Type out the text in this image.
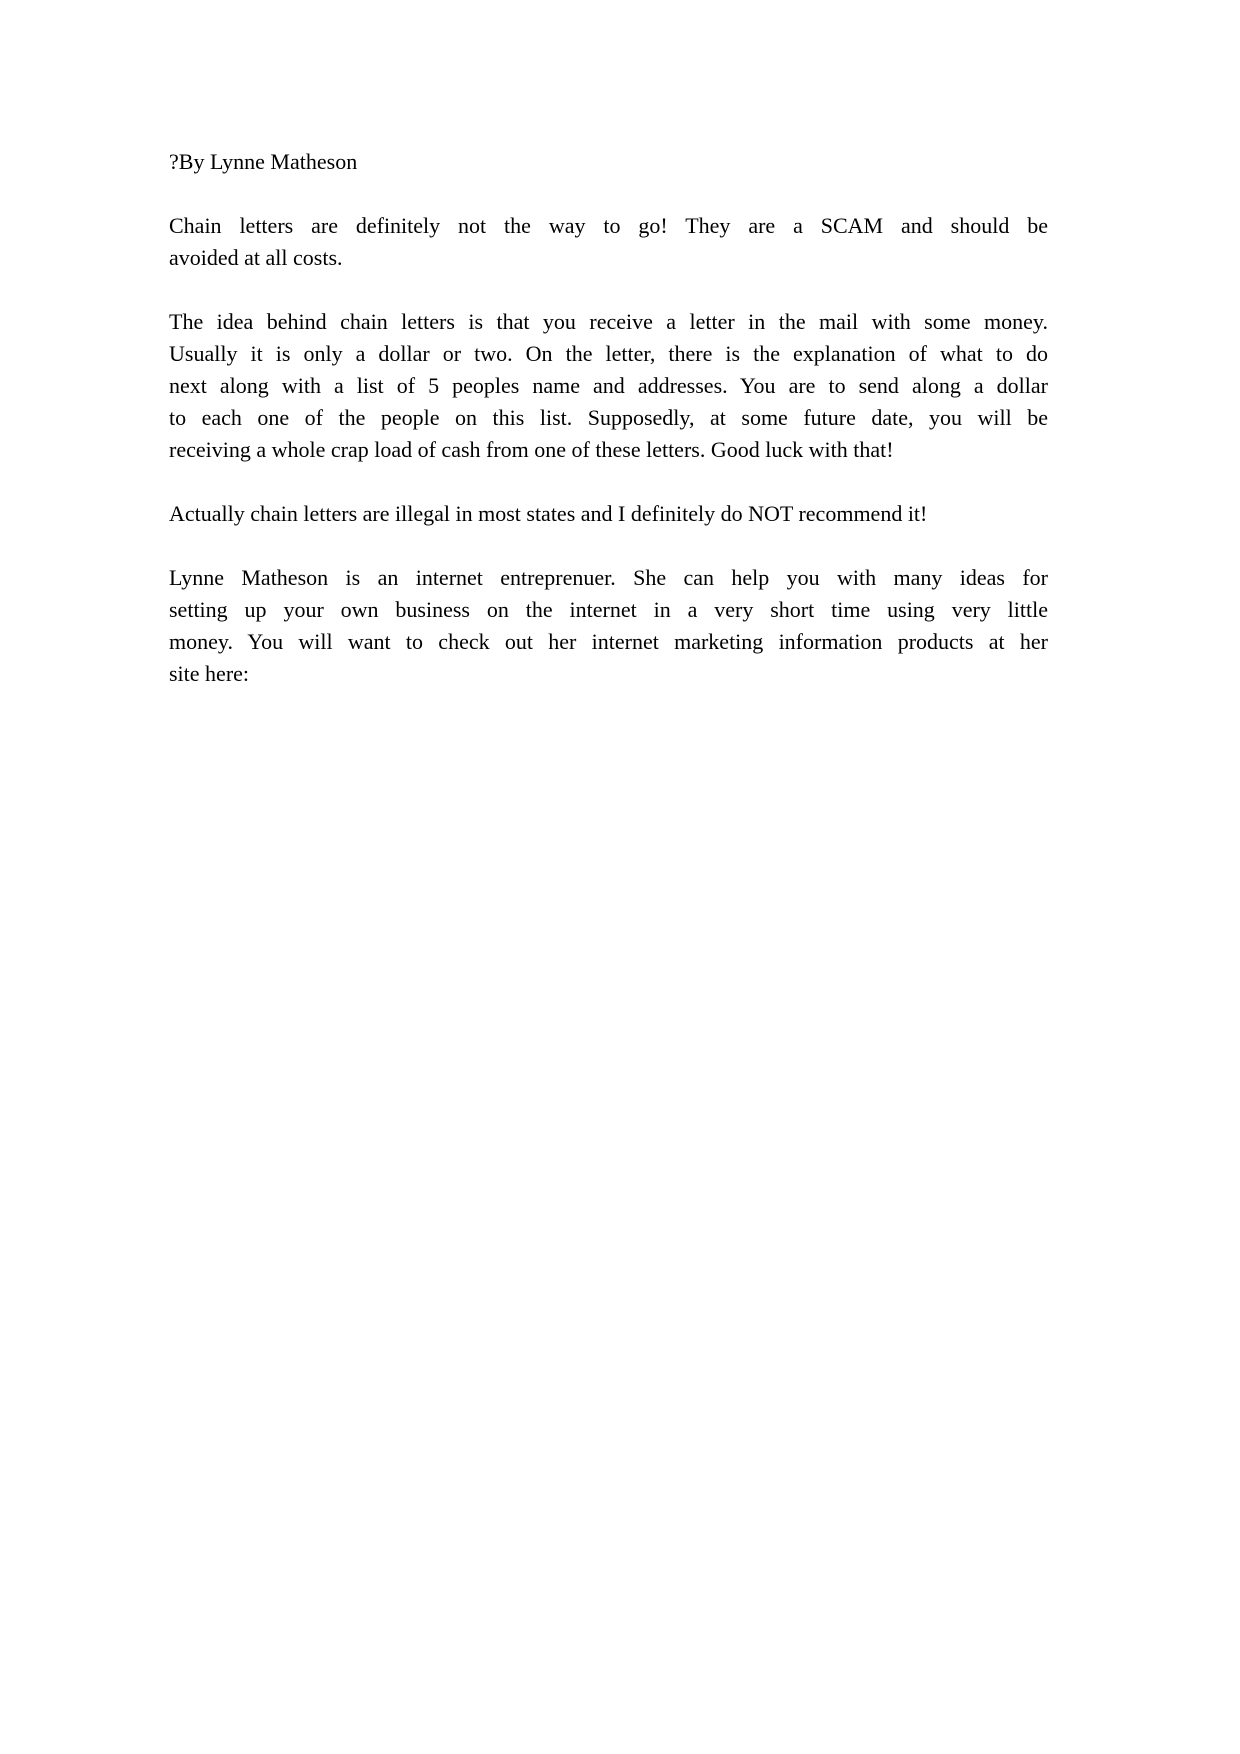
?By Lynne Matheson

Chain letters are definitely not the way to go! They are a SCAM and should be
avoided at all costs.
The idea behind chain letters is that you receive a letter in the mail with some money.
Usually it is only a dollar or two. On the letter, there is the explanation of what to do
next along with a list of 5 peoples name and addresses. You are to send along a dollar
to each one of the people on this list. Supposedly, at some future date, you will be
receiving a whole crap load of cash from one of these letters. Good luck with that!
Actually chain letters are illegal in most states and I definitely do NOT recommend it!
Lynne Matheson is an internet entreprenuer. She can help you with many ideas for
setting up your own business on the internet in a very short time using very little
money. You will want to check out her internet marketing information products at her
site here:
